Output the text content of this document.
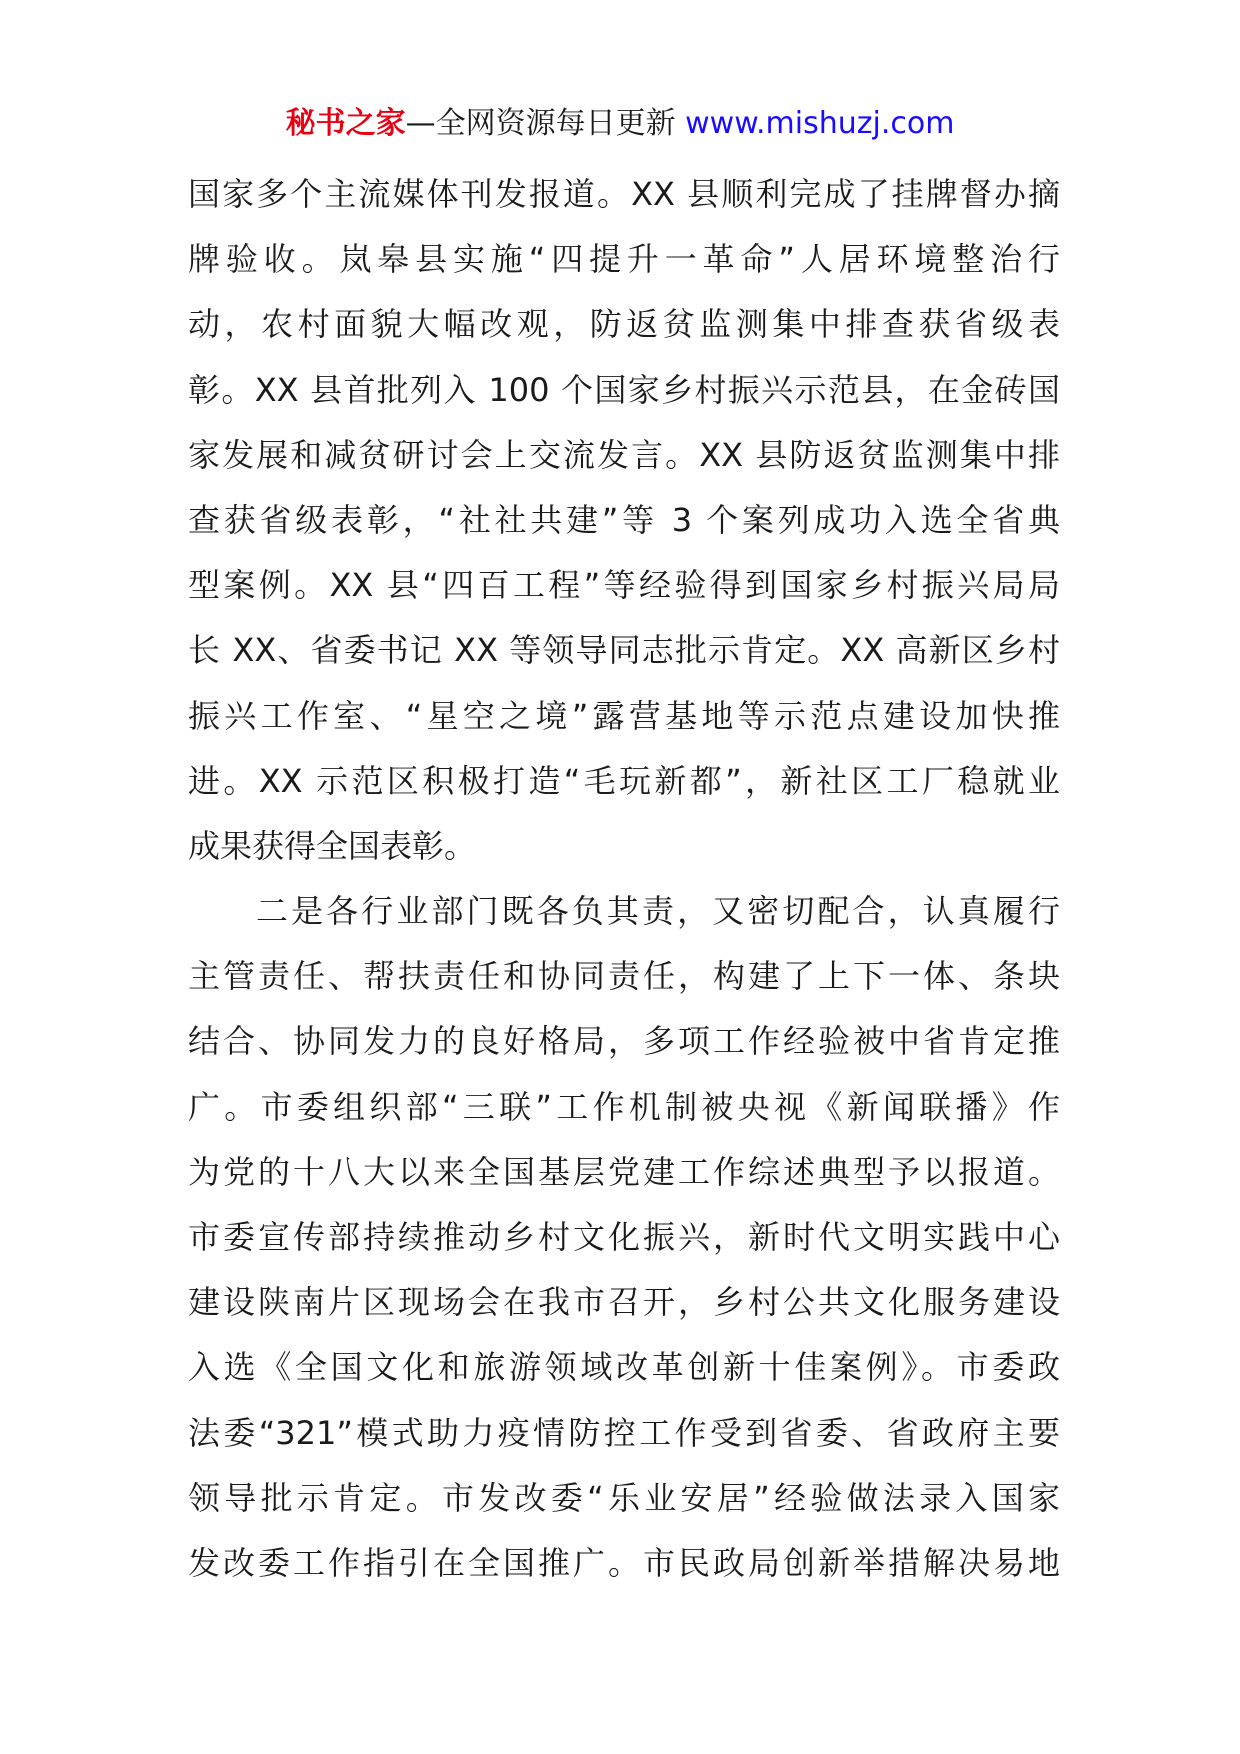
秘书之家—全网资源每日更新 www.mishuzj.com
国家多个主流媒体刊发报道。XX 县顺利完成了挂牌督办摘
牌验收。岚皋县实施“四提升一革命”人居环境整治行
动，农村面貌大幅改观，防返贫监测集中排查获省级表
彰。XX 县首批列入 100 个国家乡村振兴示范县，在金砖国
家发展和减贫研讨会上交流发言。XX 县防返贫监测集中排
查获省级表彰，“社社共建”等 3 个案列成功入选全省典
型案例。XX 县“四百工程”等经验得到国家乡村振兴局局
长 XX、省委书记 XX 等领导同志批示肯定。XX 高新区乡村
振兴工作室、“星空之境”露营基地等示范点建设加快推
进。XX 示范区积极打造“毛玩新都”，新社区工厂稳就业
成果获得全国表彰。
二是各行业部门既各负其责，又密切配合，认真履行
主管责任、帮扶责任和协同责任，构建了上下一体、条块
结合、协同发力的良好格局，多项工作经验被中省肯定推
广。市委组织部“三联”工作机制被央视《新闻联播》作
为党的十八大以来全国基层党建工作综述典型予以报道。
市委宣传部持续推动乡村文化振兴，新时代文明实践中心
建设陕南片区现场会在我市召开，乡村公共文化服务建设
入选《全国文化和旅游领域改革创新十佳案例》。市委政
法委“321”模式助力疫情防控工作受到省委、省政府主要
领导批示肯定。市发改委“乐业安居”经验做法录入国家
发改委工作指引在全国推广。市民政局创新举措解决易地
